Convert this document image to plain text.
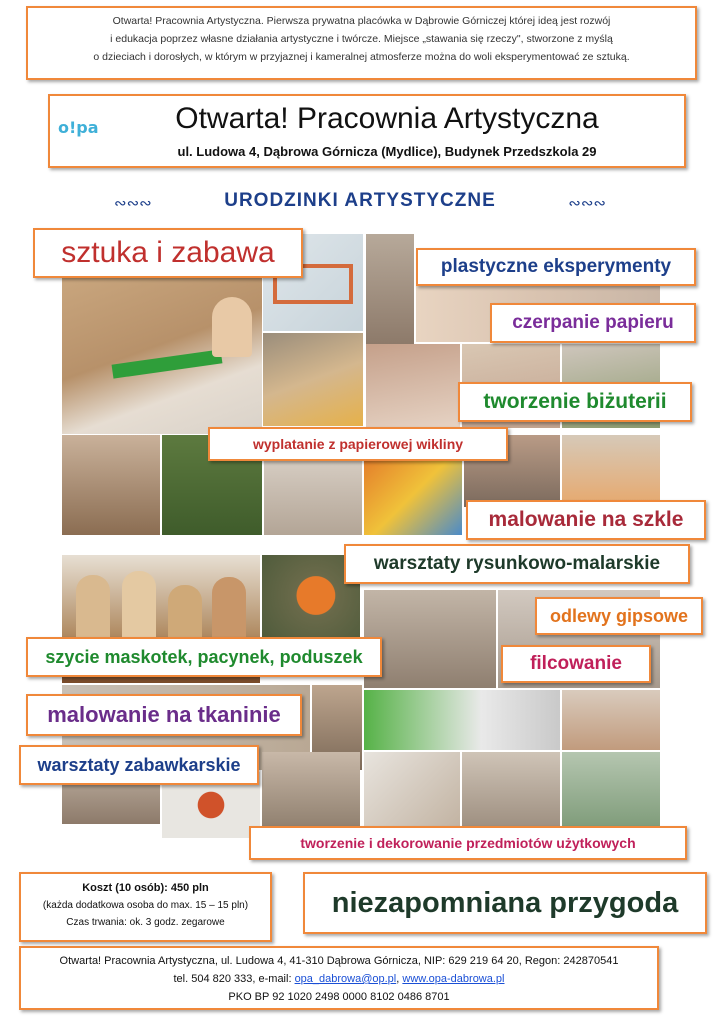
Otwarta! Pracownia Artystyczna. Pierwsza prywatna placówka w Dąbrowie Górniczej której ideą jest rozwój
i edukacja poprzez własne działania artystyczne i twórcze. Miejsce „stawania się rzeczy", stworzone z myślą
o dzieciach i dorosłych, w którym w przyjaznej i kameralnej atmosferze można do woli eksperymentować ze sztuką.
o!pa	Otwarta! Pracownia Artystyczna
ul. Ludowa 4, Dąbrowa Górnicza (Mydlice), Budynek Przedszkola 29
∾∾∾	URODZINKI ARTYSTYCZNE	∾∾∾
sztuka i zabawa	plastyczne eksperymenty
czerpanie papieru
tworzenie biżuterii
wyplatanie z papierowej wikliny
malowanie na szkle
warsztaty rysunkowo-malarskie
odlewy gipsowe
szycie maskotek, pacynek, poduszek	filcowanie
malowanie na tkaninie
warsztaty zabawkarskie
tworzenie i dekorowanie przedmiotów użytkowych
Koszt (10 osób): 450 pln
(każda dodatkowa osoba do max. 15 – 15 pln)
Czas trwania: ok. 3 godz. zegarowe
niezapomniana przygoda
Otwarta! Pracownia Artystyczna, ul. Ludowa 4, 41-310 Dąbrowa Górnicza, NIP: 629 219 64 20, Regon: 242870541
tel. 504 820 333, e-mail: opa_dabrowa@op.pl, www.opa-dabrowa.pl
PKO BP 92 1020 2498 0000 8102 0486 8701
